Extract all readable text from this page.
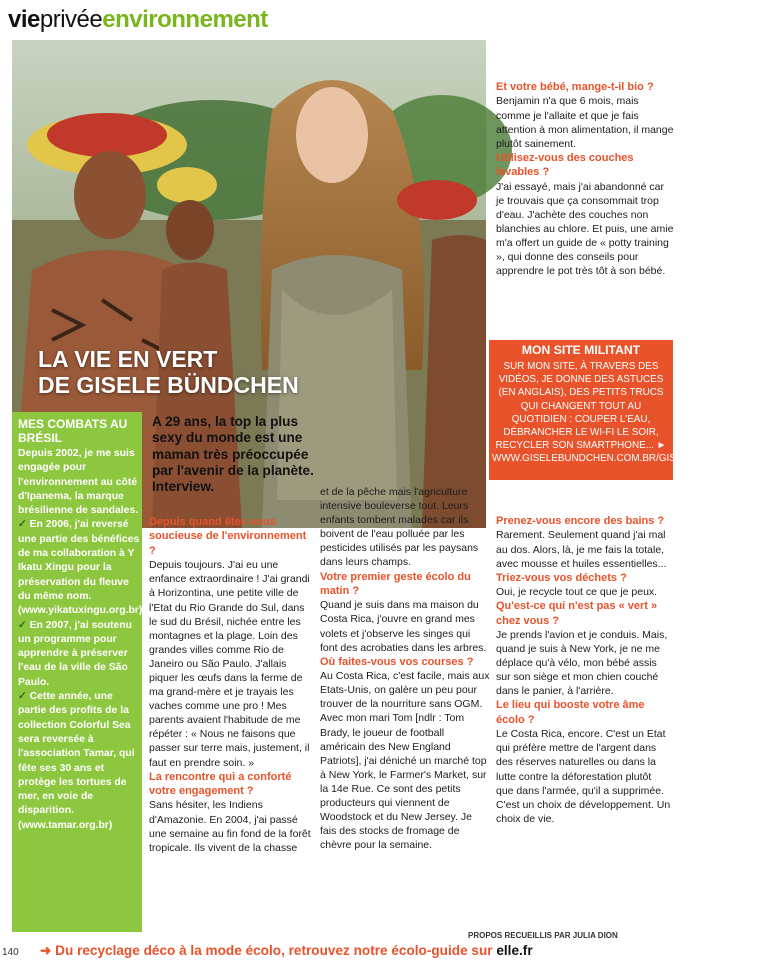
vieprivéeenvironnement
LA VIE EN VERT
DE GISELE BÜNDCHEN
MES COMBATS AU BRÉSIL

Depuis 2002, je me suis engagée pour l'environnement au côté d'Ipanema, la marque brésilienne de sandales.

✓ En 2006, j'ai reversé une partie des bénéfices de ma collaboration à Y Ikatu Xingu pour la préservation du fleuve du même nom. (www.yikatuxingu.org.br)

✓ En 2007, j'ai soutenu un programme pour apprendre à préserver l'eau de la ville de São Paulo.

✓ Cette année, une partie des profits de la collection Colorful Sea sera reversée à l'association Tamar, qui fête ses 30 ans et protège les tortues de mer, en voie de disparition. (www.tamar.org.br)

A 29 ans, la top la plus sexy du monde est une maman très préoccupée par l'avenir de la planète. Interview.

Depuis quand êtes-vous soucieuse de l'environnement ?

Depuis toujours. J'ai eu une enfance extraordinaire ! J'ai grandi à Horizontina, une petite ville de l'Etat du Rio Grande do Sul, dans le sud du Brésil, nichée entre les montagnes et la plage. Loin des grandes villes comme Rio de Janeiro ou São Paulo. J'allais piquer les œufs dans la ferme de ma grand-mère et je trayais les vaches comme une pro ! Mes parents avaient l'habitude de me répéter : « Nous ne faisons que passer sur terre mais, justement, il faut en prendre soin. »

La rencontre qui a conforté votre engagement ?

Sans hésiter, les Indiens d'Amazonie. En 2004, j'ai passé une semaine au fin fond de la forêt tropicale. Ils vivent de la chasse

et de la pêche mais l'agriculture intensive bouleverse tout. Leurs enfants tombent malades car ils boivent de l'eau polluée par les pesticides utilisés par les paysans dans leurs champs.

Votre premier geste écolo du matin ?

Quand je suis dans ma maison du Costa Rica, j'ouvre en grand mes volets et j'observe les singes qui font des acrobaties dans les arbres.

Où faites-vous vos courses ?

Au Costa Rica, c'est facile, mais aux Etats-Unis, on galère un peu pour trouver de la nourriture sans OGM. Avec mon mari Tom [ndlr : Tom Brady, le joueur de football américain des New England Patriots], j'ai déniché un marché top à New York, le Farmer's Market, sur la 14e Rue. Ce sont des petits producteurs qui viennent de Woodstock et du New Jersey. Je fais des stocks de fromage de chèvre pour la semaine.

Et votre bébé, mange-t-il bio ?

Benjamin n'a que 6 mois, mais comme je l'allaite et que je fais attention à mon alimentation, il mange plutôt sainement.

Utilisez-vous des couches lavables ?

J'ai essayé, mais j'ai abandonné car je trouvais que ça consommait trop d'eau. J'achète des couches non blanchies au chlore. Et puis, une amie m'a offert un guide de « potty training », qui donne des conseils pour apprendre le pot très tôt à son bébé.

MON SITE MILITANT
SUR MON SITE, À TRAVERS DES VIDÉOS, JE DONNE DES ASTUCES (EN ANGLAIS), DES PETITS TRUCS QUI CHANGENT TOUT AU QUOTIDIEN : COUPER L'EAU, DÉBRANCHER LE WI-FI LE SOIR, RECYCLER SON SMARTPHONE... ► WWW.GISELEBUNDCHEN.COM.BR/GISELE_SOCIAL.ASP

Prenez-vous encore des bains ?

Rarement. Seulement quand j'ai mal au dos. Alors, là, je me fais la totale, avec mousse et huiles essentielles...

Triez-vous vos déchets ?

Oui, je recycle tout ce que je peux.

Qu'est-ce qui n'est pas « vert » chez vous ?

Je prends l'avion et je conduis. Mais, quand je suis à New York, je ne me déplace qu'à vélo, mon bébé assis sur son siège et mon chien couché dans le panier, à l'arrière.

Le lieu qui booste votre âme écolo ?

Le Costa Rica, encore. C'est un Etat qui préfère mettre de l'argent dans des réserves naturelles ou dans la lutte contre la déforestation plutôt que dans l'armée, qu'il a supprimée. C'est un choix de développement. Un choix de vie.

PROPOS RECUEILLIS PAR JULIA DION
140 ➜ Du recyclage déco à la mode écolo, retrouvez notre écolo-guide sur elle.fr
